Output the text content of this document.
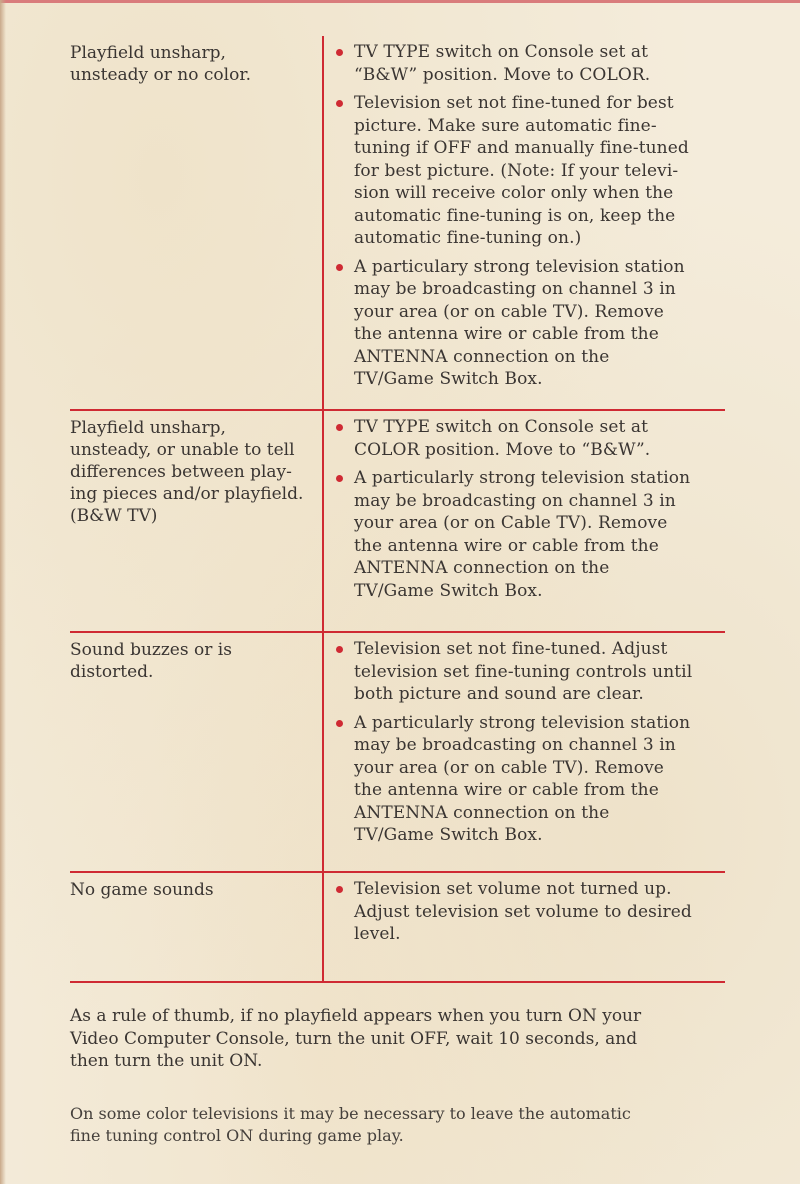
Playfield unsharp,
unsteady or no color.
TV TYPE switch on Console set at
“B&W” position. Move to COLOR.
Television set not fine-tuned for best
picture. Make sure automatic fine-
tuning if OFF and manually fine-tuned
for best picture. (Note: If your televi-
sion will receive color only when the
automatic fine-tuning is on, keep the
automatic fine-tuning on.)
A particulary strong television station
may be broadcasting on channel 3 in
your area (or on cable TV). Remove
the antenna wire or cable from the
ANTENNA connection on the
TV/Game Switch Box.
Playfield unsharp,
unsteady, or unable to tell
differences between play-
ing pieces and/or playfield.
(B&W TV)
TV TYPE switch on Console set at
COLOR position. Move to “B&W”.
A particularly strong television station
may be broadcasting on channel 3 in
your area (or on Cable TV). Remove
the antenna wire or cable from the
ANTENNA connection on the
TV/Game Switch Box.
Sound buzzes or is
distorted.
Television set not fine-tuned. Adjust
television set fine-tuning controls until
both picture and sound are clear.
A particularly strong television station
may be broadcasting on channel 3 in
your area (or on cable TV). Remove
the antenna wire or cable from the
ANTENNA connection on the
TV/Game Switch Box.
No game sounds	Television set volume not turned up.
Adjust television set volume to desired
level.
As a rule of thumb, if no playfield appears when you turn ON your
Video Computer Console, turn the unit OFF, wait 10 seconds, and
then turn the unit ON.
On some color televisions it may be necessary to leave the automatic
fine tuning control ON during game play.
